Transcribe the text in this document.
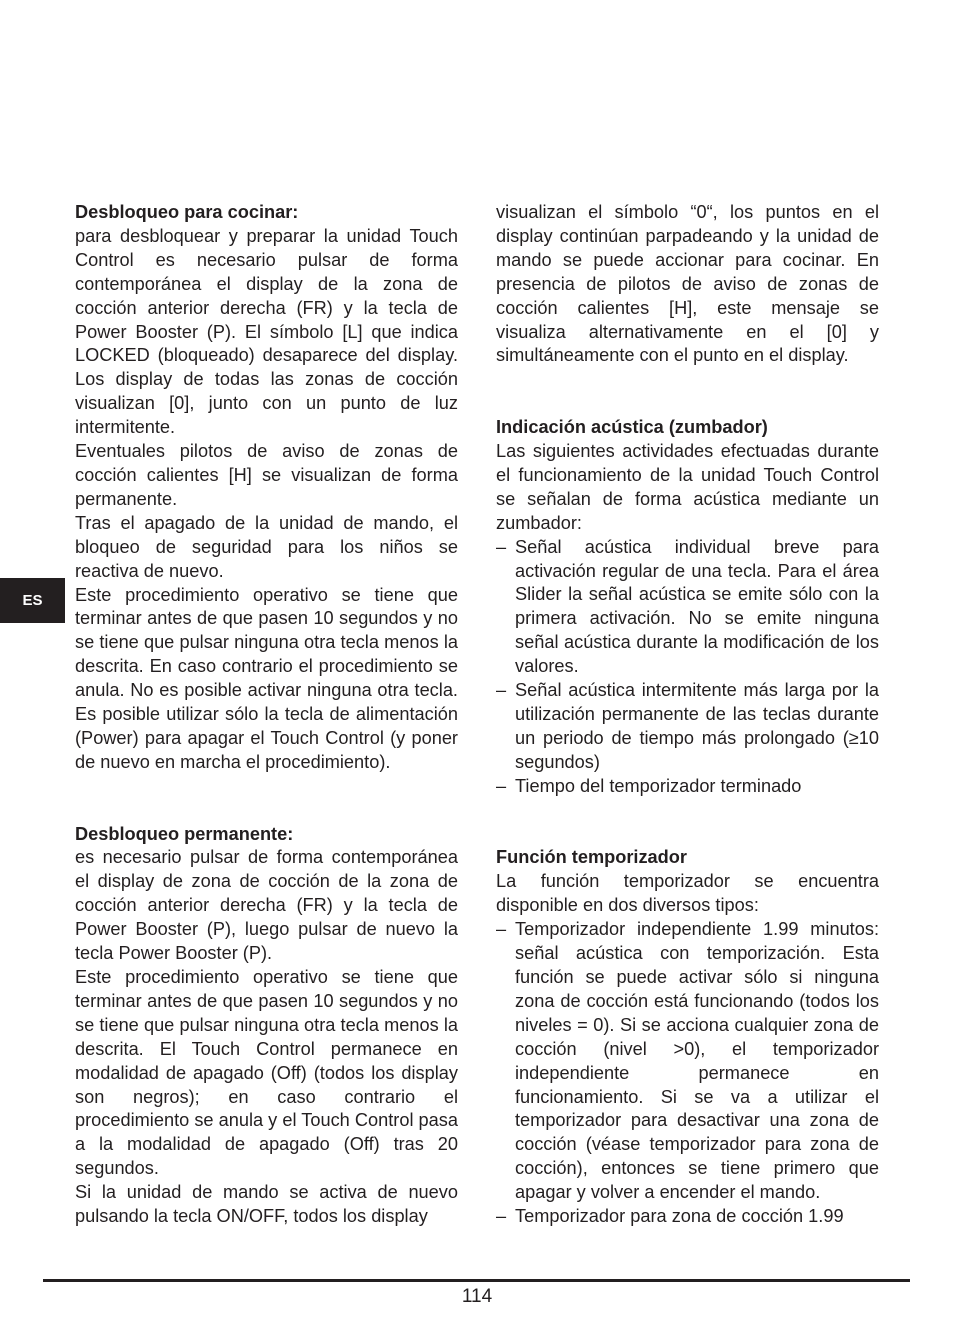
ES

Desbloqueo para cocinar:

para desbloquear y preparar la unidad Touch Control es necesario pulsar de forma contemporánea el display de la zona de cocción anterior derecha (FR) y la tecla de Power Booster (P). El símbolo [L] que indica LOCKED (bloqueado) desaparece del display. Los display de todas las zonas de cocción visualizan [0], junto con un punto de luz intermitente.

Eventuales pilotos de aviso de zonas de cocción calientes [H] se visualizan de forma permanente.

Tras el apagado de la unidad de mando, el bloqueo de seguridad para los niños se reactiva de nuevo.

Este procedimiento operativo se tiene que terminar antes de que pasen 10 segundos y no se tiene que pulsar ninguna otra tecla menos la descrita. En caso contrario el procedimiento se anula. No es posible activar ninguna otra tecla. Es posible utilizar sólo la tecla de alimentación (Power) para apagar el Touch Control (y poner de nuevo en marcha el procedimiento).

Desbloqueo permanente:

es necesario pulsar de forma contemporánea el display de zona de cocción de la zona de cocción anterior derecha (FR) y la tecla de Power Booster (P), luego pulsar de nuevo la tecla Power Booster (P).

Este procedimiento operativo se tiene que terminar antes de que pasen 10 segundos y no se tiene que pulsar ninguna otra tecla menos la descrita. El Touch Control permanece en modalidad de apagado (Off) (todos los display son negros); en caso contrario el procedimiento se anula y el Touch Control pasa a la modalidad de apagado (Off) tras 20 segundos.

Si la unidad de mando se activa de nuevo pulsando la tecla ON/OFF, todos los display

visualizan el símbolo “0“, los puntos en el display continúan parpadeando y la unidad de mando se puede accionar para cocinar. En presencia de pilotos de aviso de zonas de cocción calientes [H], este mensaje se visualiza alternativamente en el [0] y simultáneamente con el punto en el display.

Indicación acústica (zumbador)

Las siguientes actividades efectuadas durante el funcionamiento de la unidad Touch Control se señalan de forma acústica mediante un zumbador:

– Señal acústica individual breve para activación regular de una tecla. Para el área Slider la señal acústica se emite sólo con la primera activación. No se emite ninguna señal acústica durante la modificación de los valores.

– Señal acústica intermitente más larga por la utilización permanente de las teclas durante un periodo de tiempo más prolongado (≥10 segundos)

– Tiempo del temporizador terminado

Función temporizador

La función temporizador se encuentra disponible en dos diversos tipos:

– Temporizador independiente 1.99 minutos: señal acústica con temporización. Esta función se puede activar sólo si ninguna zona de cocción está funcionando (todos los niveles = 0). Si se acciona cualquier zona de cocción (nivel >0), el temporizador independiente permanece en funcionamiento. Si se va a utilizar el temporizador para desactivar una zona de cocción (véase temporizador para zona de cocción), entonces se tiene primero que apagar y volver a encender el mando.

– Temporizador para zona de cocción 1.99

114
